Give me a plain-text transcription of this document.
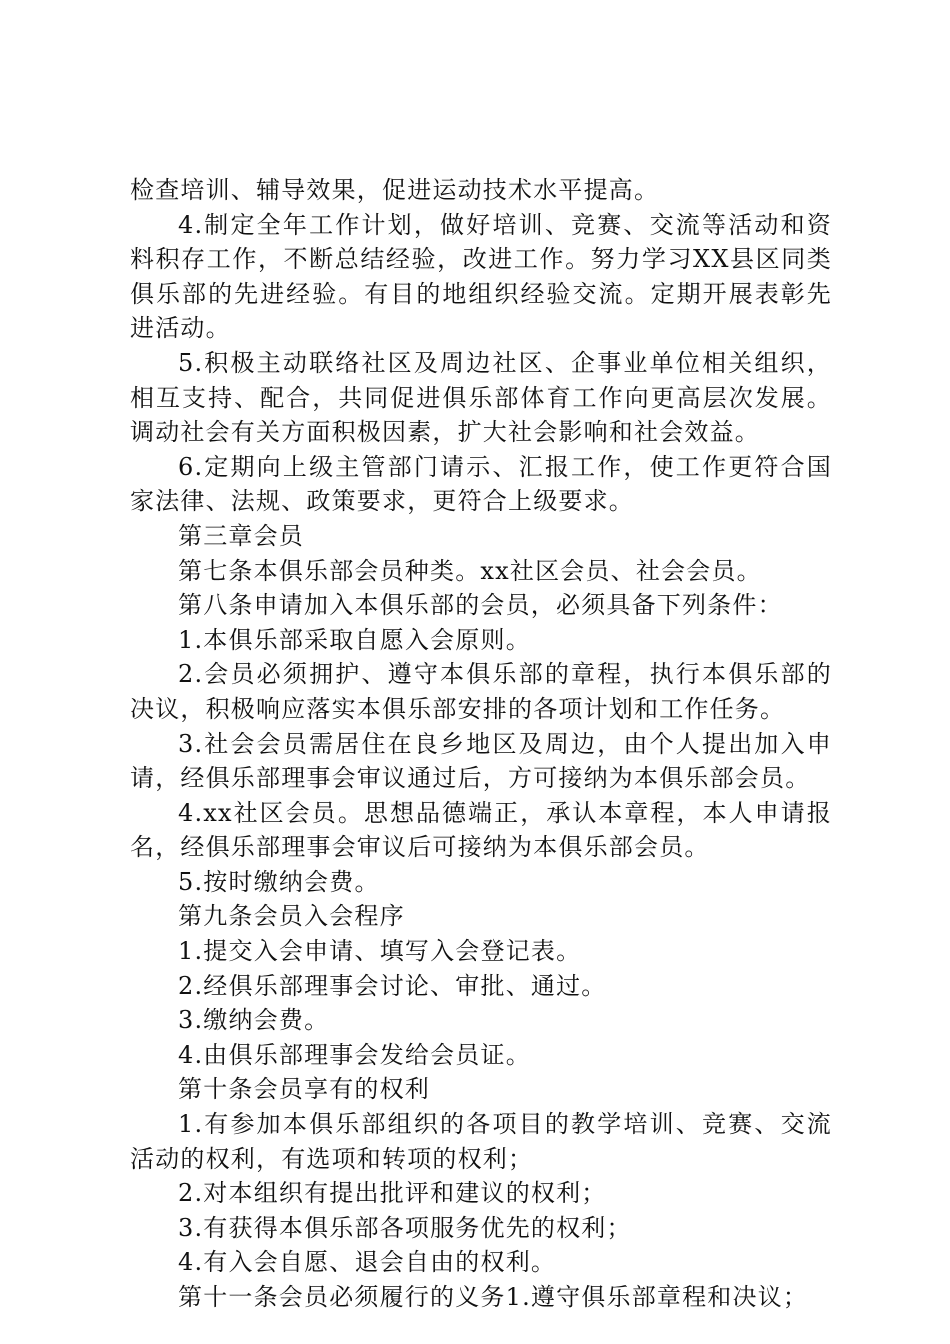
检查培训、辅导效果，促进运动技术水平提高。

4.制定全年工作计划，做好培训、竞赛、交流等活动和资料积存工作，不断总结经验，改进工作。努力学习XX县区同类俱乐部的先进经验。有目的地组织经验交流。定期开展表彰先进活动。

5.积极主动联络社区及周边社区、企事业单位相关组织，相互支持、配合，共同促进俱乐部体育工作向更高层次发展。调动社会有关方面积极因素，扩大社会影响和社会效益。

6.定期向上级主管部门请示、汇报工作，使工作更符合国家法律、法规、政策要求，更符合上级要求。

第三章会员

第七条本俱乐部会员种类。xx社区会员、社会会员。

第八条申请加入本俱乐部的会员，必须具备下列条件：

1.本俱乐部采取自愿入会原则。

2.会员必须拥护、遵守本俱乐部的章程，执行本俱乐部的决议，积极响应落实本俱乐部安排的各项计划和工作任务。

3.社会会员需居住在良乡地区及周边，由个人提出加入申请，经俱乐部理事会审议通过后，方可接纳为本俱乐部会员。

4.xx社区会员。思想品德端正，承认本章程，本人申请报名，经俱乐部理事会审议后可接纳为本俱乐部会员。

5.按时缴纳会费。

第九条会员入会程序

1.提交入会申请、填写入会登记表。

2.经俱乐部理事会讨论、审批、通过。

3.缴纳会费。

4.由俱乐部理事会发给会员证。

第十条会员享有的权利

1.有参加本俱乐部组织的各项目的教学培训、竞赛、交流活动的权利，有选项和转项的权利；

2.对本组织有提出批评和建议的权利；

3.有获得本俱乐部各项服务优先的权利；

4.有入会自愿、退会自由的权利。

第十一条会员必须履行的义务1.遵守俱乐部章程和决议；
